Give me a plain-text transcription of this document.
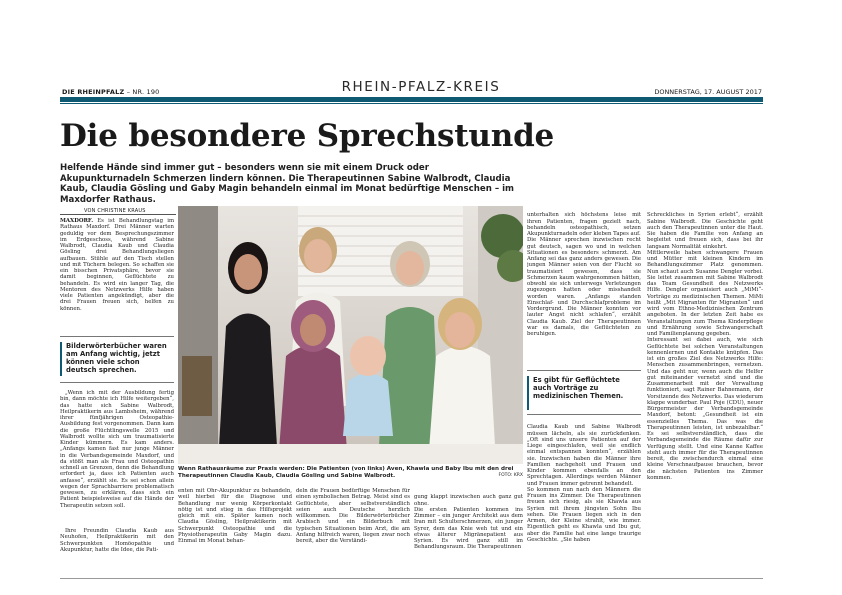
DIE RHEINPFALZ – NR. 190	RHEIN-PFALZ-KREIS	DONNERSTAG, 17. AUGUST 2017
Die besondere Sprechstunde
Helfende Hände sind immer gut – besonders wenn sie mit einem Druck oder Akupunkturnadeln Schmerzen lindern können. Die Therapeutinnen Sabine Walbrodt, Claudia Kaub, Claudia Gösling und Gaby Magin behandeln einmal im Monat bedürftige Menschen – im Maxdorfer Rathaus.
VON CHRISTINE KRAUS

MAXDORF. Es ist Behandlungstag im Rathaus Maxdorf. Drei Männer warten geduldig vor dem Besprechungszimmer im Erdgeschoss, während Sabine Walbrodt, Claudia Kaub und Claudia Gösling drei Behandlungsliegen aufbauen. Stühle auf den Tisch stellen und mit Tüchern belegen. So schaffen sie ein bisschen Privatsphäre, bevor sie damit beginnen, Geflüchtete zu behandeln. Es wird ein langer Tag, die Mentoren des Netzwerks Hilfe haben viele Patienten angekündigt, aber die drei Frauen freuen sich, helfen zu können.

Bilderwörterbücher waren am Anfang wichtig, jetzt können viele schon deutsch sprechen.

„Wenn ich mit der Ausbildung fertig bin, dann möchte ich Hilfe weitergeben“, das hatte sich Sabine Walbrodt, Heilpraktikerin aus Lambsheim, während ihrer fünfjährigen Osteopathie-Ausbildung fest vorgenommen. Dann kam die große Flüchtlingswelle 2015 und Walbrodt wollte sich um traumatisierte Kinder kümmern. Es kam anders. „Anfangs kamen fast nur junge Männer in die Verbandsgemeinde Maxdorf, und da stößt man als Frau und Osteopathin schnell an Grenzen, denn die Behandlung erfordert ja, dass ich Patienten auch anfasse“, erzählt sie. Es sei schon allein wegen der Sprachbarriere problematisch gewesen, zu erklären, dass sich ein Patient beispielsweise auf die Hände der Therapeutin setzen soll.

Ihre Freundin Claudia Kaub aus Neuhofen, Heilpraktikerin mit den Schwerpunkten Homöopathie und Akupunktur, hatte die Idee, die Pati-

Wenn Rathausräume zur Praxis werden: Die Patienten (von links) Aven, Khawla und Baby Ibu mit den drei Therapeutinnen Claudia Kaub, Claudia Gösling und Sabine Walbrodt.	FOTO: KRX

enten mit Ohr-Akupunktur zu behandeln, weil hierbei für die Diagnose und Behandlung nur wenig Körperkontakt nötig ist und stieg in das Hilfsprojekt gleich mit ein. Später kamen noch Claudia Gösling, Heilpraktikerin mit Schwerpunkt Osteopathie und die Physiotherapeutin Gaby Magin dazu. Einmal im Monat behan-

deln die Frauen bedürftige Menschen für einen symbolischen Betrag. Meist sind es Geflüchtete, aber selbstverständlich seien auch Deutsche herzlich willkommen. Die Bilderwörterbücher Arabisch und ein Bilderbuch mit typischen Situationen beim Arzt, die am Anfang hilfreich waren, liegen zwar noch bereit, aber die Verständi-

gung klappt inzwischen auch ganz gut ohne.
Die ersten Patienten kommen ins Zimmer – ein junger Architekt aus dem Iran mit Schulterschmerzen, ein junger Syrer, dem das Knie weh tut und ein etwas älterer Migränepatient aus Syrien. Es wird ganz still im Behandlungsraum. Die Therapeutinnen

unterhalten sich höchstens leise mit ihren Patienten, fragen gezielt nach, behandeln osteopathisch, setzen Akupunkturnadeln oder kleben Tapes auf.
Die Männer sprechen inzwischen recht gut deutsch, sagen wo und in welchen Situationen es besonders schmerzt. Am Anfang sei das ganz anders gewesen. Die jungen Männer seien von der Flucht so traumatisiert gewesen, dass sie Schmerzen kaum wahrgenommen hätten, obwohl sie sich unterwegs Verletzungen zugezogen hatten oder misshandelt worden waren. „Anfangs standen Einschlaf- und Durchschlafprobleme im Vordergrund. Die Männer konnten vor lauter Angst nicht schlafen“, erzählt Claudia Kaub. Ziel der Therapeutinnen war es damals, die Geflüchteten zu beruhigen.

Es gibt für Geflüchtete auch Vorträge zu medizinischen Themen.

Claudia Kaub und Sabine Walbrodt müssen lächeln, als sie zurückdenken. „Oft sind uns unsere Patienten auf der Liege eingeschlafen, weil sie endlich einmal entspannen konnten“, erzählen sie. Inzwischen haben die Männer ihre Familien nachgeholt und Frauen und Kinder kommen ebenfalls an den Sprechtagen. Allerdings werden Männer und Frauen immer getrennt behandelt.
So kommen nun nach den Männern die Frauen ins Zimmer. Die Therapeutinnen freuen sich riesig, als sie Khawla aus Syrien mit ihrem jüngsten Sohn Ibu sehen. Die Frauen liegen sich in den Armen, der Kleine strahlt, wie immer. Eigentlich geht es Khawla und Ibu gut, aber die Familie hat eine lange traurige Geschichte. „Sie haben

Schreckliches in Syrien erlebt“, erzählt Sabine Walbrodt. Die Geschichte geht auch den Therapeutinnen unter die Haut. Sie haben die Familie von Anfang an begleitet und freuen sich, dass bei ihr langsam Normalität einkehrt.
Mittlerweile haben schwangere Frauen und Mütter mit kleinen Kindern im Behandlungszimmer Platz genommen. Nun schaut auch Susanne Dengler vorbei. Sie leitet zusammen mit Sabine Walbrodt das Team Gesundheit des Netzwerks Hilfe. Dengler organisiert auch „MiMi“-Vorträge zu medizinischen Themen. MiMi heißt „Mit Migranten für Migranten“ und wird vom Ethno-Medizinischen Zentrum angeboten. In der letzten Zeit habe es Veranstaltungen zum Thema Kinderpflege und Ernährung sowie Schwangerschaft und Familienplanung gegeben.
Interessant sei dabei auch, wie sich Geflüchtete bei solchen Veranstaltungen kennenlernen und Kontakte knüpfen. Das ist ein großes Ziel des Netzwerks Hilfe: Menschen zusammenbringen, vernetzen. Und das geht nur, wenn auch die Helfer gut miteinander vernetzt sind und die Zusammenarbeit mit der Verwaltung funktioniert, sagt Rainer Bahnemann, der Vorsitzende des Netzwerks. Das wiederum klappe wunderbar. Paul Poje (CDU), neuer Bürgermeister der Verbandsgemeinde Maxdorf, betont: „Gesundheit ist ein essenzielles Thema. Das was die Therapeutinnen leisten, ist unbezahlbar.“ Es sei selbstverständlich, dass die Verbandsgemeinde die Räume dafür zur Verfügung stellt. Und eine Kanne Kaffee steht auch immer für die Therapeutinnen bereit, die zwischendurch einmal eine kleine Verschnaufpause brauchen, bevor die nächsten Patienten ins Zimmer kommen.
